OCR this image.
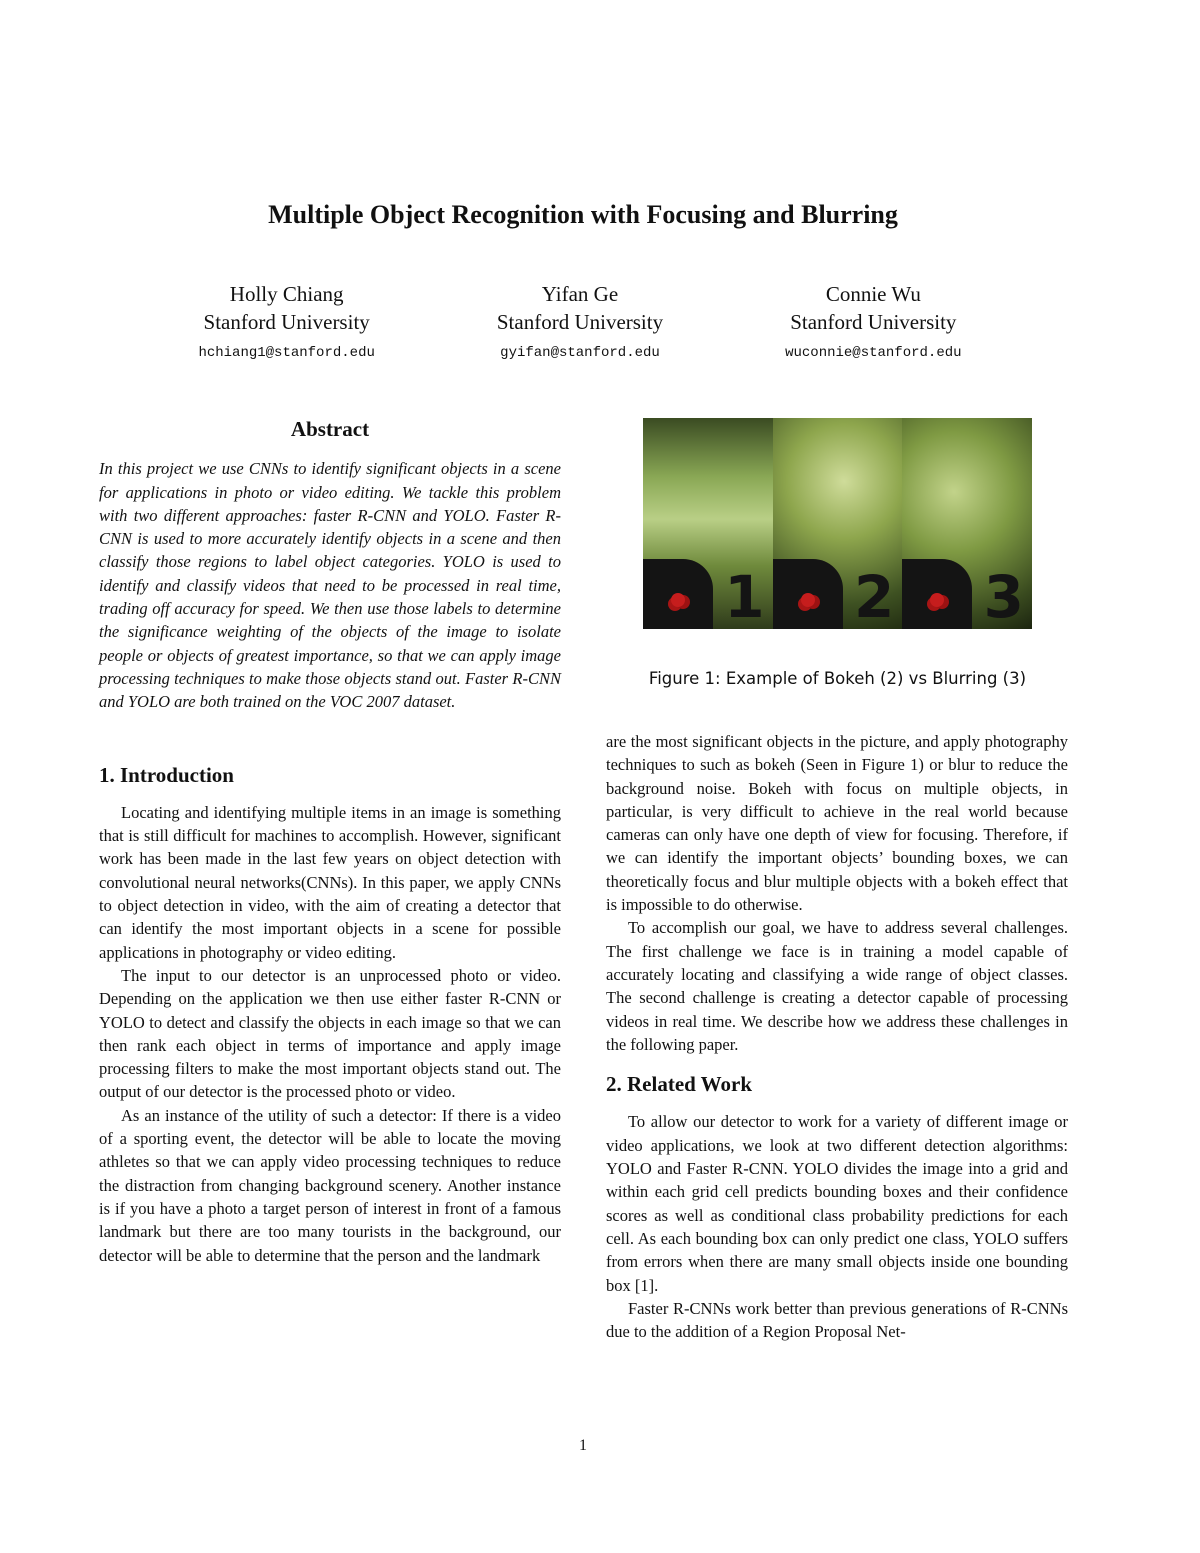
Multiple Object Recognition with Focusing and Blurring
Holly Chiang
Stanford University
hchiang1@stanford.edu
Yifan Ge
Stanford University
gyifan@stanford.edu
Connie Wu
Stanford University
wuconnie@stanford.edu
Abstract

In this project we use CNNs to identify significant objects in a scene for applications in photo or video editing. We tackle this problem with two different approaches: faster R-CNN and YOLO. Faster R-CNN is used to more accurately identify objects in a scene and then classify those regions to label object categories. YOLO is used to identify and classify videos that need to be processed in real time, trading off accuracy for speed. We then use those labels to determine the significance weighting of the objects of the image to isolate people or objects of greatest importance, so that we can apply image processing techniques to make those objects stand out. Faster R-CNN and YOLO are both trained on the VOC 2007 dataset.

1. Introduction

Locating and identifying multiple items in an image is something that is still difficult for machines to accomplish. However, significant work has been made in the last few years on object detection with convolutional neural networks(CNNs). In this paper, we apply CNNs to object detection in video, with the aim of creating a detector that can identify the most important objects in a scene for possible applications in photography or video editing.

The input to our detector is an unprocessed photo or video. Depending on the application we then use either faster R-CNN or YOLO to detect and classify the objects in each image so that we can then rank each object in terms of importance and apply image processing filters to make the most important objects stand out. The output of our detector is the processed photo or video.

As an instance of the utility of such a detector: If there is a video of a sporting event, the detector will be able to locate the moving athletes so that we can apply video processing techniques to reduce the distraction from changing background scenery. Another instance is if you have a photo a target person of interest in front of a famous landmark but there are too many tourists in the background, our detector will be able to determine that the person and the landmark

1 2 3
Figure 1: Example of Bokeh (2) vs Blurring (3)

are the most significant objects in the picture, and apply photography techniques to such as bokeh (Seen in Figure 1) or blur to reduce the background noise. Bokeh with focus on multiple objects, in particular, is very difficult to achieve in the real world because cameras can only have one depth of view for focusing. Therefore, if we can identify the important objects’ bounding boxes, we can theoretically focus and blur multiple objects with a bokeh effect that is impossible to do otherwise.

To accomplish our goal, we have to address several challenges. The first challenge we face is in training a model capable of accurately locating and classifying a wide range of object classes. The second challenge is creating a detector capable of processing videos in real time. We describe how we address these challenges in the following paper.

2. Related Work

To allow our detector to work for a variety of different image or video applications, we look at two different detection algorithms: YOLO and Faster R-CNN. YOLO divides the image into a grid and within each grid cell predicts bounding boxes and their confidence scores as well as conditional class probability predictions for each cell. As each bounding box can only predict one class, YOLO suffers from errors when there are many small objects inside one bounding box [1].

Faster R-CNNs work better than previous generations of R-CNNs due to the addition of a Region Proposal Net-

1
